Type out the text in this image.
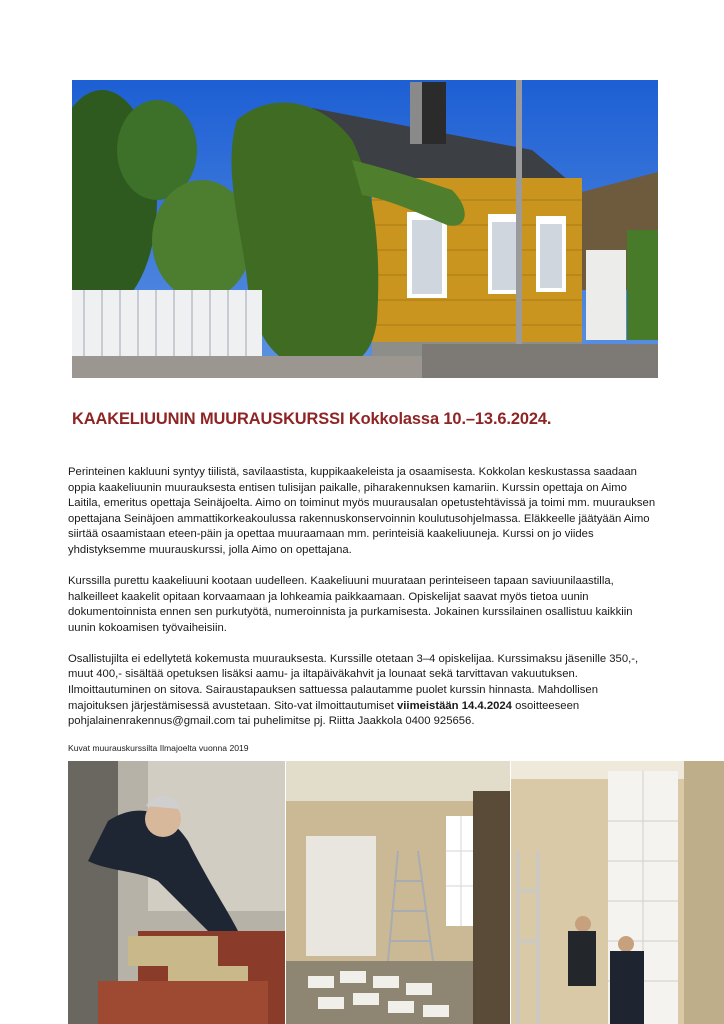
KAAKELIUUNIN MUURAUSKURSSI Kokkolassa 10.–13.6.2024.

Perinteinen kakluuni syntyy tiilistä, savilaastista, kuppikaakeleista ja osaamisesta. Kokkolan keskustassa saadaan oppia kaakeliuunin muurauksesta entisen tulisijan paikalle, piharakennuksen kamariin. Kurssin opettaja on Aimo Laitila, emeritus opettaja Seinäjoelta. Aimo on toiminut myös muurausalan opetustehtävissä ja toimi mm. muurauksen opettajana Seinäjoen ammattikorkeakoulussa rakennuskonservoinnin koulutusohjelmassa. Eläkkeelle jäätyään Aimo siirtää osaamistaan eteen-päin ja opettaa muuraamaan mm. perinteisiä kaakeliuuneja. Kurssi on jo viides yhdistyksemme muurauskurssi, jolla Aimo on opettajana.

Kurssilla purettu kaakeliuuni kootaan uudelleen. Kaakeliuuni muurataan perinteiseen tapaan saviuunilaastilla, halkeilleet kaakelit opitaan korvaamaan ja lohkeamia paikkaamaan. Opiskelijat saavat myös tietoa uunin dokumentoinnista ennen sen purkutyötä, numeroinnista ja purkamisesta. Jokainen kurssilainen osallistuu kaikkiin uunin kokoamisen työvaiheisiin.

Osallistujilta ei edellytetä kokemusta muurauksesta. Kurssille otetaan 3–4 opiskelijaa. Kurssimaksu jäsenille 350,-, muut 400,- sisältää opetuksen lisäksi aamu- ja iltapäiväkahvit ja lounaat sekä tarvittavan vakuutuksen. Ilmoittautuminen on sitova. Sairaustapauksen sattuessa palautamme puolet kurssin hinnasta. Mahdollisen majoituksen järjestämisessä avustetaan. Sito-vat ilmoittautumiset viimeistään 14.4.2024 osoitteeseen pohjalainenrakennus@gmail.com tai puhelimitse pj. Riitta Jaakkola 0400 925656.

Kuvat muurauskurssilta Ilmajoelta vuonna 2019
